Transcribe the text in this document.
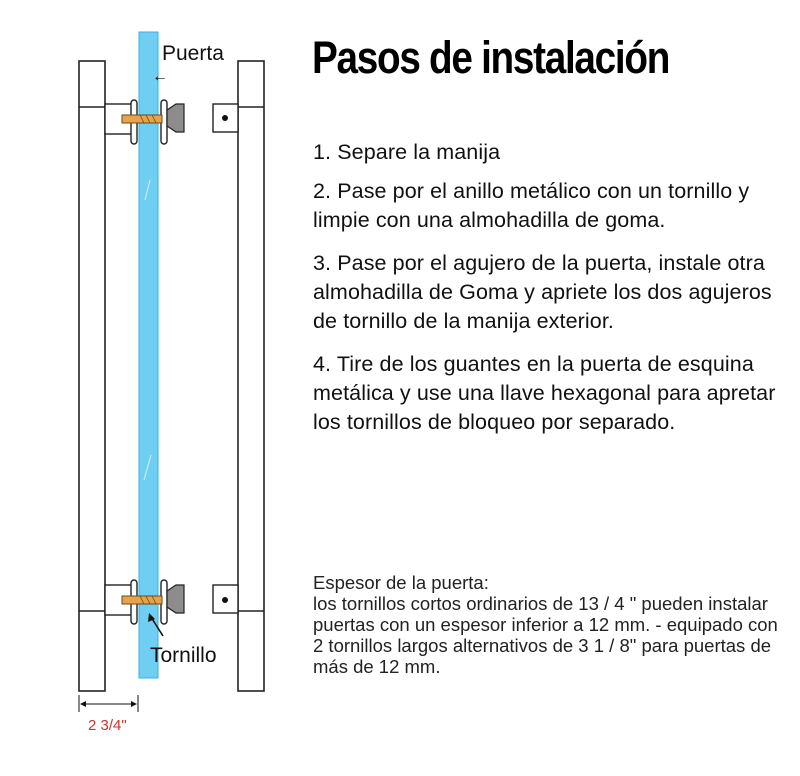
Puerta
←
Tornillo
2 3/4"
Pasos de instalación

1. Separe la manija

2. Pase por el anillo metálico con un tornillo y limpie con una almohadilla de goma.

3. Pase por el agujero de la puerta, instale otra almohadilla de Goma y apriete los dos agujeros de tornillo de la manija exterior.

4. Tire de los guantes en la puerta de esquina metálica y use una llave hexagonal para apretar los tornillos de bloqueo por separado.

Espesor de la puerta:

los tornillos cortos ordinarios de 13 / 4 " pueden instalar puertas con un espesor inferior a 12 mm. - equipado con 2 tornillos largos alternativos de 3 1 / 8" para puertas de más de 12 mm.
